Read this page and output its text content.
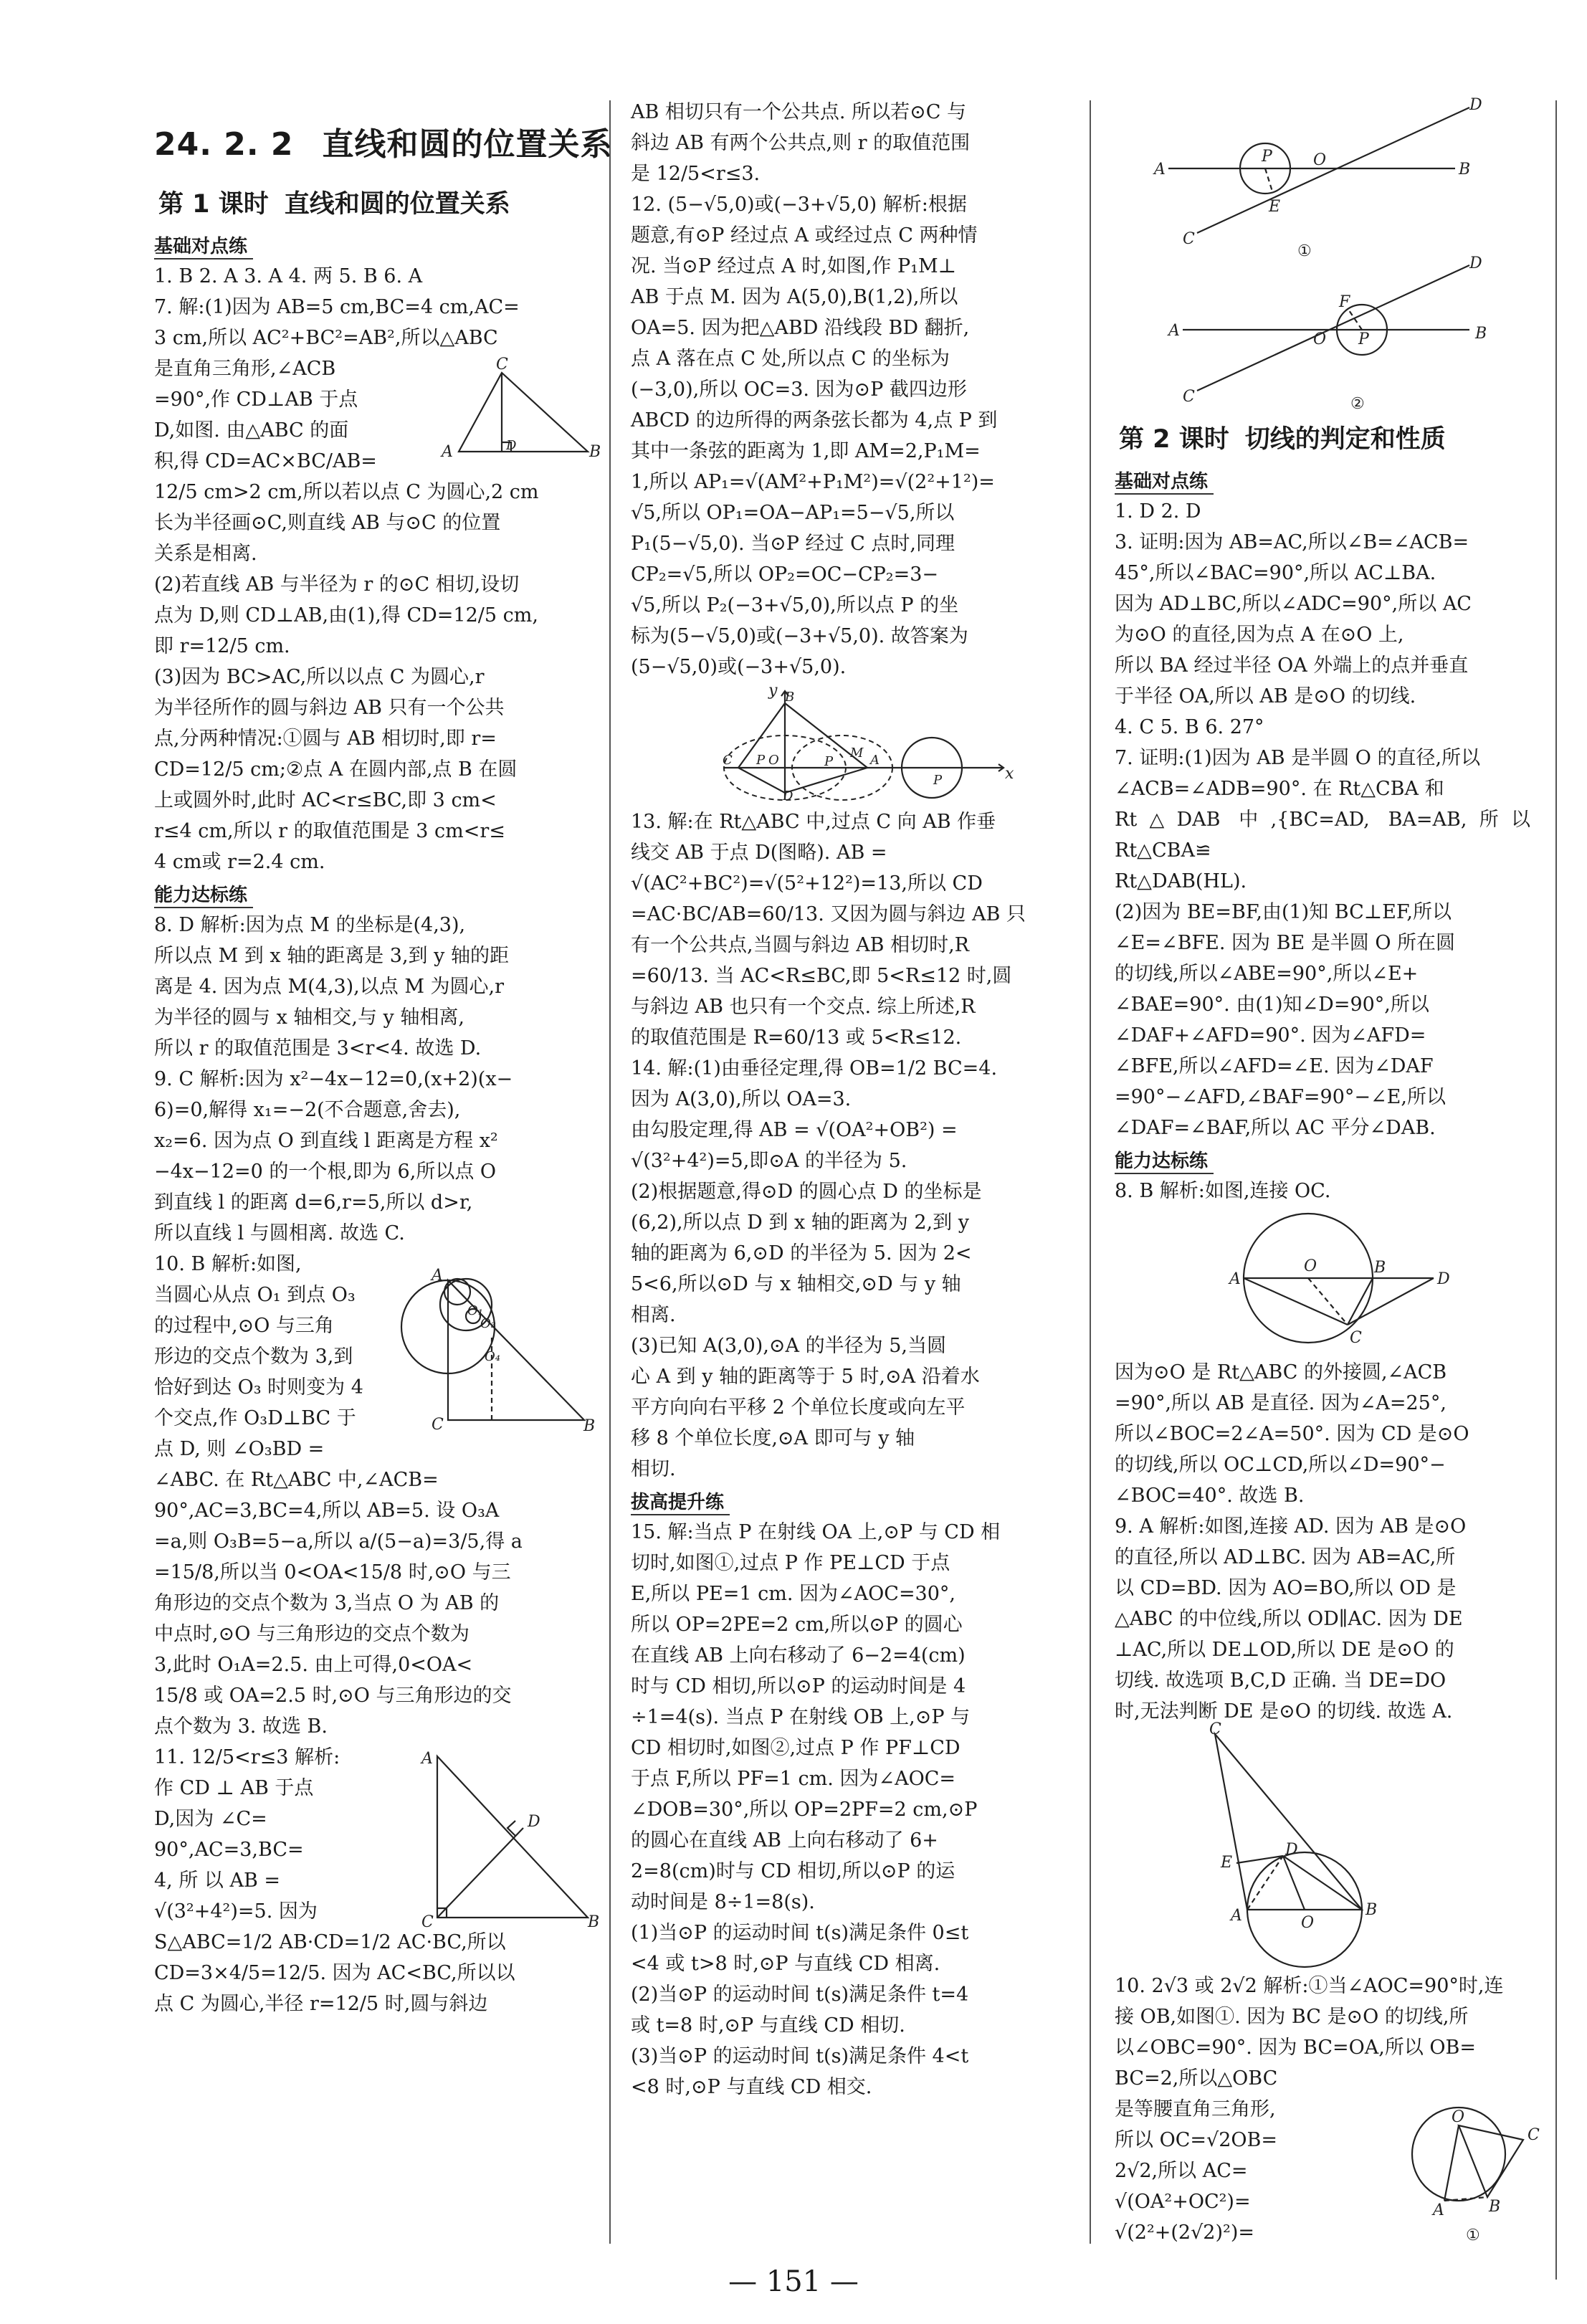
24. 2. 2 直线和圆的位置关系
第 1 课时 直线和圆的位置关系
基础对点练

1. B 2. A 3. A 4. 两 5. B 6. A

7. 解:(1)因为 AB=5 cm,BC=4 cm,AC=

3 cm,所以 AC²+BC²=AB²,所以△ABC

C
A	B
D

是直角三角形,∠ACB

=90°,作 CD⊥AB 于点

D,如图. 由△ABC 的面

积,得 CD=AC×BC/AB=

12/5 cm>2 cm,所以若以点 C 为圆心,2 cm

长为半径画⊙C,则直线 AB 与⊙C 的位置

关系是相离.

(2)若直线 AB 与半径为 r 的⊙C 相切,设切

点为 D,则 CD⊥AB,由(1),得 CD=12/5 cm,

即 r=12/5 cm.

(3)因为 BC>AC,所以以点 C 为圆心,r

为半径所作的圆与斜边 AB 只有一个公共

点,分两种情况:①圆与 AB 相切时,即 r=

CD=12/5 cm;②点 A 在圆内部,点 B 在圆

上或圆外时,此时 AC<r≤BC,即 3 cm<

r≤4 cm,所以 r 的取值范围是 3 cm<r≤

4 cm或 r=2.4 cm.

能力达标练

8. D 解析:因为点 M 的坐标是(4,3),

所以点 M 到 x 轴的距离是 3,到 y 轴的距

离是 4. 因为点 M(4,3),以点 M 为圆心,r

为半径的圆与 x 轴相交,与 y 轴相离,

所以 r 的取值范围是 3<r<4. 故选 D.

9. C 解析:因为 x²−4x−12=0,(x+2)(x−

6)=0,解得 x₁=−2(不合题意,舍去),

x₂=6. 因为点 O 到直线 l 距离是方程 x²

−4x−12=0 的一个根,即为 6,所以点 O

到直线 l 的距离 d=6,r=5,所以 d>r,

所以直线 l 与圆相离. 故选 C.

A
C	B
O₁
O₃
O₄

10. B 解析:如图,

当圆心从点 O₁ 到点 O₃

的过程中,⊙O 与三角

形边的交点个数为 3,到

恰好到达 O₃ 时则变为 4

个交点,作 O₃D⊥BC 于

点 D, 则 ∠O₃BD =

∠ABC. 在 Rt△ABC 中,∠ACB=

90°,AC=3,BC=4,所以 AB=5. 设 O₃A

=a,则 O₃B=5−a,所以 a/(5−a)=3/5,得 a

=15/8,所以当 0<OA<15/8 时,⊙O 与三

角形边的交点个数为 3,当点 O 为 AB 的

中点时,⊙O 与三角形边的交点个数为

3,此时 O₁A=2.5. 由上可得,0<OA<

15/8 或 OA=2.5 时,⊙O 与三角形边的交

点个数为 3. 故选 B.

A
C	B
D

11. 12/5<r≤3 解析:

作 CD ⊥ AB 于点

D,因为 ∠C=

90°,AC=3,BC=

4, 所 以 AB =

√(3²+4²)=5. 因为

S△ABC=1/2 AB·CD=1/2 AC·BC,所以

CD=3×4/5=12/5. 因为 AC<BC,所以以

点 C 为圆心,半径 r=12/5 时,圆与斜边

AB 相切只有一个公共点. 所以若⊙C 与

斜边 AB 有两个公共点,则 r 的取值范围

是 12/5<r≤3.

12. (5−√5,0)或(−3+√5,0) 解析:根据

题意,有⊙P 经过点 A 或经过点 C 两种情

况. 当⊙P 经过点 A 时,如图,作 P₁M⊥

AB 于点 M. 因为 A(5,0),B(1,2),所以

OA=5. 因为把△ABD 沿线段 BD 翻折,

点 A 落在点 C 处,所以点 C 的坐标为

(−3,0),所以 OC=3. 因为⊙P 截四边形

ABCD 的边所得的两条弦长都为 4,点 P 到

其中一条弦的距离为 1,即 AM=2,P₁M=

1,所以 AP₁=√(AM²+P₁M²)=√(2²+1²)=

√5,所以 OP₁=OA−AP₁=5−√5,所以

P₁(5−√5,0). 当⊙P 经过 C 点时,同理

CP₂=√5,所以 OP₂=OC−CP₂=3−

√5,所以 P₂(−3+√5,0),所以点 P 的坐

标为(5−√5,0)或(−3+√5,0). 故答案为

(5−√5,0)或(−3+√5,0).

y B
C P O	M
P	A
P	x
D

13. 解:在 Rt△ABC 中,过点 C 向 AB 作垂

线交 AB 于点 D(图略). AB =

√(AC²+BC²)=√(5²+12²)=13,所以 CD

=AC·BC/AB=60/13. 又因为圆与斜边 AB 只

有一个公共点,当圆与斜边 AB 相切时,R

=60/13. 当 AC<R≤BC,即 5<R≤12 时,圆

与斜边 AB 也只有一个交点. 综上所述,R

的取值范围是 R=60/13 或 5<R≤12.

14. 解:(1)由垂径定理,得 OB=1/2 BC=4.

因为 A(3,0),所以 OA=3.

由勾股定理,得 AB = √(OA²+OB²) =

√(3²+4²)=5,即⊙A 的半径为 5.

(2)根据题意,得⊙D 的圆心点 D 的坐标是

(6,2),所以点 D 到 x 轴的距离为 2,到 y

轴的距离为 6,⊙D 的半径为 5. 因为 2<

5<6,所以⊙D 与 x 轴相交,⊙D 与 y 轴

相离.

(3)已知 A(3,0),⊙A 的半径为 5,当圆

心 A 到 y 轴的距离等于 5 时,⊙A 沿着水

平方向向右平移 2 个单位长度或向左平

移 8 个单位长度,⊙A 即可与 y 轴

相切.

拔高提升练

15. 解:当点 P 在射线 OA 上,⊙P 与 CD 相

切时,如图①,过点 P 作 PE⊥CD 于点

E,所以 PE=1 cm. 因为∠AOC=30°,

所以 OP=2PE=2 cm,所以⊙P 的圆心

在直线 AB 上向右移动了 6−2=4(cm)

时与 CD 相切,所以⊙P 的运动时间是 4

÷1=4(s). 当点 P 在射线 OB 上,⊙P 与

CD 相切时,如图②,过点 P 作 PF⊥CD

于点 F,所以 PF=1 cm. 因为∠AOC=

∠DOB=30°,所以 OP=2PF=2 cm,⊙P

的圆心在直线 AB 上向右移动了 6+

2=8(cm)时与 CD 相切,所以⊙P 的运

动时间是 8÷1=8(s).

(1)当⊙P 的运动时间 t(s)满足条件 0≤t

<4 或 t>8 时,⊙P 与直线 CD 相离.

(2)当⊙P 的运动时间 t(s)满足条件 t=4

或 t=8 时,⊙P 与直线 CD 相切.

(3)当⊙P 的运动时间 t(s)满足条件 4<t

<8 时,⊙P 与直线 CD 相交.

A	B
D
C
P	O
E
①
A	B
D
C
P
O
F
②
第 2 课时 切线的判定和性质
基础对点练

1. D 2. D

3. 证明:因为 AB=AC,所以∠B=∠ACB=

45°,所以∠BAC=90°,所以 AC⊥BA.

因为 AD⊥BC,所以∠ADC=90°,所以 AC

为⊙O 的直径,因为点 A 在⊙O 上,

所以 BA 经过半径 OA 外端上的点并垂直

于半径 OA,所以 AB 是⊙O 的切线.

4. C 5. B 6. 27°

7. 证明:(1)因为 AB 是半圆 O 的直径,所以

∠ACB=∠ADB=90°. 在 Rt△CBA 和

Rt△DAB 中,{BC=AD, BA=AB,所以 Rt△CBA≌

Rt△DAB(HL).

(2)因为 BE=BF,由(1)知 BC⊥EF,所以

∠E=∠BFE. 因为 BE 是半圆 O 所在圆

的切线,所以∠ABE=90°,所以∠E+

∠BAE=90°. 由(1)知∠D=90°,所以

∠DAF+∠AFD=90°. 因为∠AFD=

∠BFE,所以∠AFD=∠E. 因为∠DAF

=90°−∠AFD,∠BAF=90°−∠E,所以

∠DAF=∠BAF,所以 AC 平分∠DAB.

能力达标练

8. B 解析:如图,连接 OC.

A
O	B
D
C

因为⊙O 是 Rt△ABC 的外接圆,∠ACB

=90°,所以 AB 是直径. 因为∠A=25°,

所以∠BOC=2∠A=50°. 因为 CD 是⊙O

的切线,所以 OC⊥CD,所以∠D=90°−

∠BOC=40°. 故选 B.

9. A 解析:如图,连接 AD. 因为 AB 是⊙O

的直径,所以 AD⊥BC. 因为 AB=AC,所

以 CD=BD. 因为 AO=BO,所以 OD 是

△ABC 的中位线,所以 OD∥AC. 因为 DE

⊥AC,所以 DE⊥OD,所以 DE 是⊙O 的

切线. 故选项 B,C,D 正确. 当 DE=DO

时,无法判断 DE 是⊙O 的切线. 故选 A.

C
D
E
A	O
B
O
C
A	B
①

10. 2√3 或 2√2 解析:①当∠AOC=90°时,连

接 OB,如图①. 因为 BC 是⊙O 的切线,所

以∠OBC=90°. 因为 BC=OA,所以 OB=

BC=2,所以△OBC

是等腰直角三角形,

所以 OC=√2OB=

2√2,所以 AC=

√(OA²+OC²)=

√(2²+(2√2)²)=

— 151 —
